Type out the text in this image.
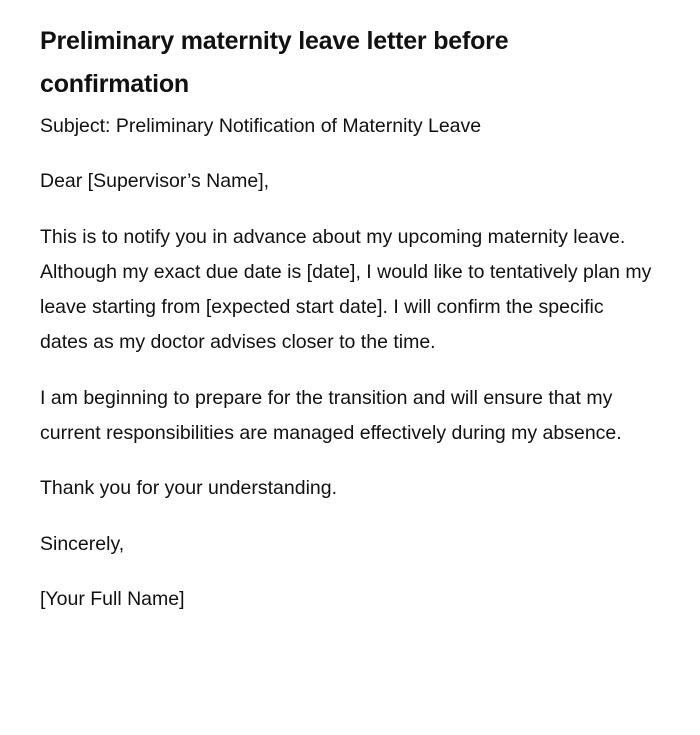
Preliminary maternity leave letter before confirmation

Subject: Preliminary Notification of Maternity Leave

Dear [Supervisor’s Name],

This is to notify you in advance about my upcoming maternity leave. Although my exact due date is [date], I would like to tentatively plan my leave starting from [expected start date]. I will confirm the specific dates as my doctor advises closer to the time.

I am beginning to prepare for the transition and will ensure that my current responsibilities are managed effectively during my absence.

Thank you for your understanding.

Sincerely,

[Your Full Name]
